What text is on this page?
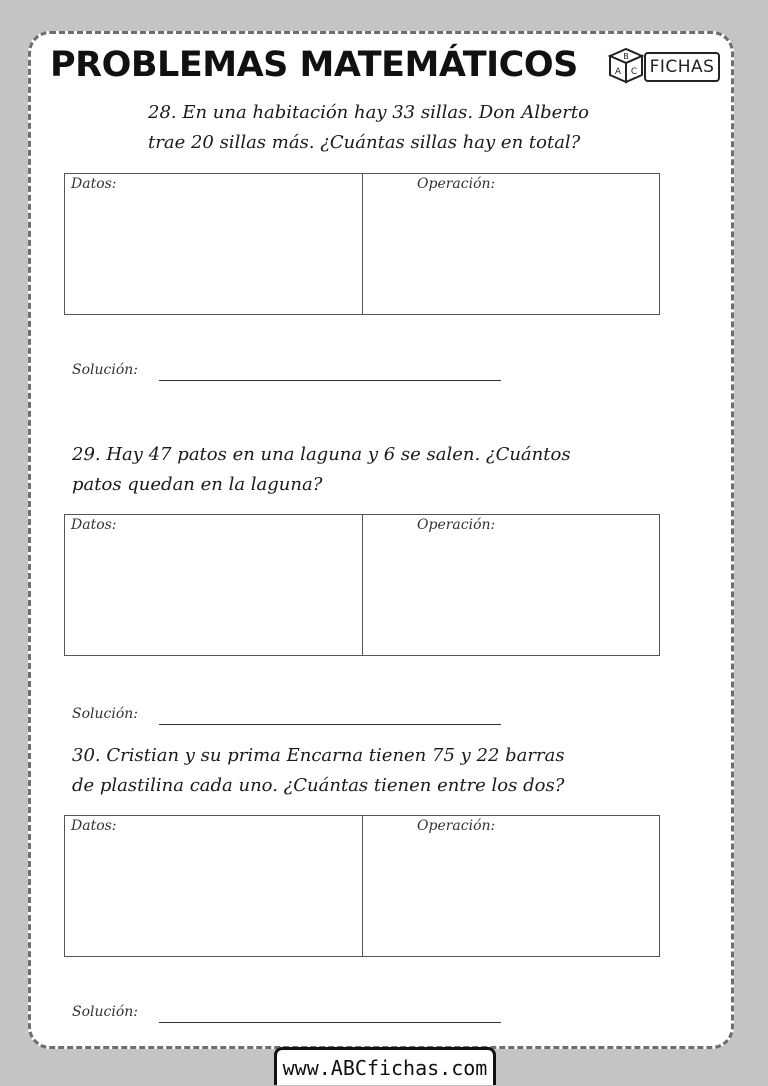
PROBLEMAS MATEMÁTICOS	B
A C FICHAS

28. En una habitación hay 33 sillas. Don Alberto

trae 20 sillas más. ¿Cuántas sillas hay en total?

Datos:	Operación:
Solución:

29. Hay 47 patos en una laguna y 6 se salen. ¿Cuántos

patos quedan en la laguna?

Datos:	Operación:
Solución:

30. Cristian y su prima Encarna tienen 75 y 22 barras

de plastilina cada uno. ¿Cuántas tienen entre los dos?

Datos:	Operación:
Solución:
www.ABCfichas.com
